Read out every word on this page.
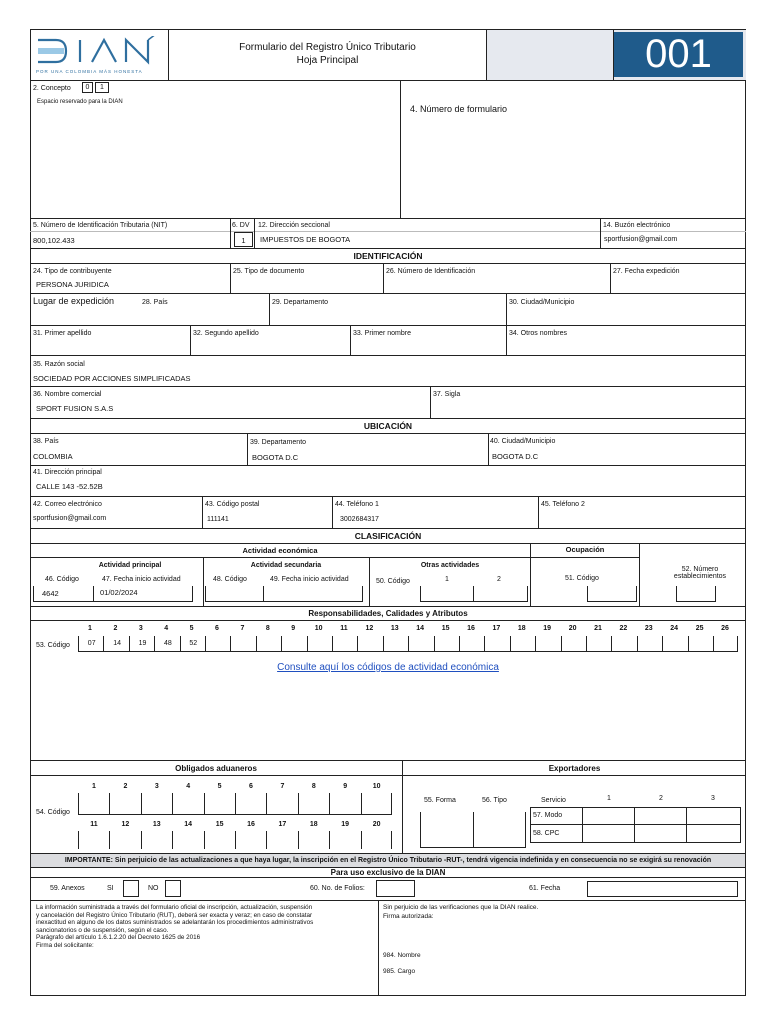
POR UNA COLOMBIA MÁS HONESTA
Formulario del Registro Único Tributario
Hoja Principal	001
2. Concepto	0	1
Espacio reservado para la DIAN
4. Número de formulario
5. Número de Identificación Tributaria (NIT)
800,102.433
6. DV
1
12. Dirección seccional
IMPUESTOS DE BOGOTA
14. Buzón electrónico
sportfusion@gmail.com
IDENTIFICACIÓN
24. Tipo de contribuyente
PERSONA JURIDICA
25. Tipo de documento	26. Número de Identificación	27. Fecha expedición
Lugar de expedición	28. País	29. Departamento	30. Ciudad/Municipio
31. Primer apellido	32. Segundo apellido	33. Primer nombre	34. Otros nombres
35. Razón social
SOCIEDAD POR ACCIONES SIMPLIFICADAS
36. Nombre comercial
SPORT FUSION S.A.S
37. Sigla
UBICACIÓN
38. País
COLOMBIA
39. Departamento
BOGOTA D.C
40. Ciudad/Municipio
BOGOTA D.C
41. Dirección principal
CALLE 143 -52.52B
42. Correo electrónico
sportfusion@gmail.com
43. Código postal
111141
44. Teléfono 1
3002684317
45. Teléfono 2
CLASIFICACIÓN
Actividad económica	Ocupación
Actividad principal	Actividad secundaria	Otras actividades
46. Código	47. Fecha inicio actividad	48. Código	49. Fecha inicio actividad	50. Código	1	2	51. Código
52. Número establecimientos
4642	01/02/2024
Responsabilidades, Calidades y Atributos
1	2	3	4	5	6	7	8	9	10	11	12	13	14	15	16	17	18	19	20	21	22	23	24	25	26
53. Código	07	14	19	48	52
Consulte aquí los códigos de actividad económica
Obligados aduaneros	Exportadores
1	2	3	4	5	6	7	8	9	10
11	12	13	14	15	16	17	18	19	20
54. Código
55. Forma	56. Tipo	Servicio	1	2	3
57. Modo
58. CPC
IMPORTANTE: Sin perjuicio de las actualizaciones a que haya lugar, la inscripción en el Registro Único Tributario -RUT-, tendrá vigencia indefinida y en consecuencia no se exigirá su renovación
Para uso exclusivo de la DIAN
59. Anexos	SI	NO	60. No. de Folios:	61. Fecha
La información suministrada a través del formulario oficial de inscripción, actualización, suspensión
y cancelación del Registro Único Tributario (RUT), deberá ser exacta y veraz; en caso de constatar
inexactitud en alguno de los datos suministrados se adelantarán los procedimientos administrativos
sancionatorios o de suspensión, según el caso.
Parágrafo del artículo 1.6.1.2.20 del Decreto 1625 de 2016
Firma del solicitante:
Sin perjuicio de las verificaciones que la DIAN realice.
Firma autorizada:
984. Nombre
985. Cargo
